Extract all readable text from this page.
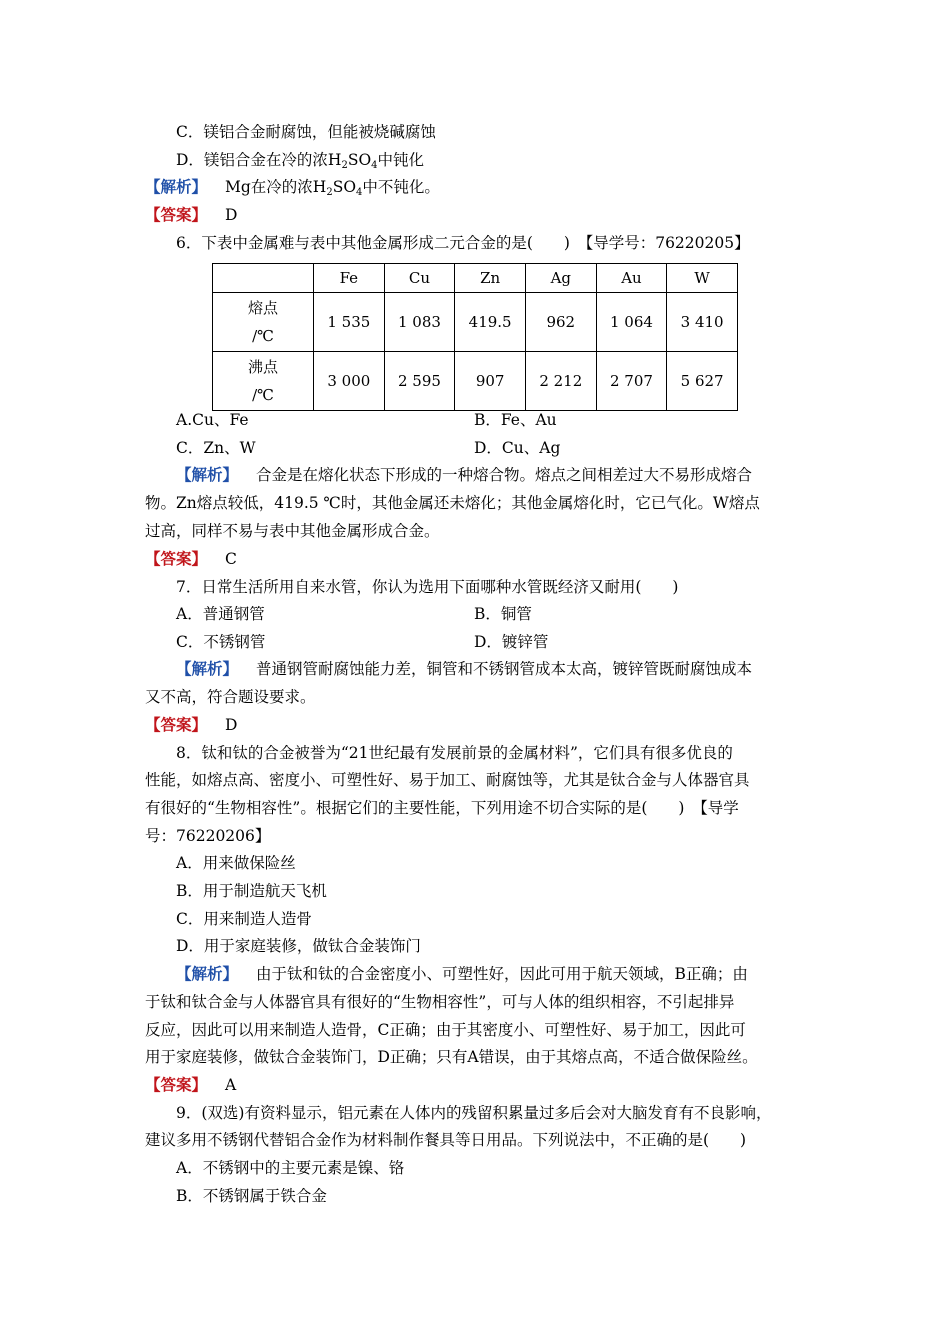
C．镁铝合金耐腐蚀，但能被烧碱腐蚀
D．镁铝合金在冷的浓$H_2SO_4$中钝化
【解析】 Mg在冷的浓$H_2SO_4$中不钝化。
【答案】 D
6．下表中金属难与表中其他金属形成二元合金的是(　　)　【导学号：76220205】
	Fe	Cu	Zn	Ag	Au	W

熔点
/℃	1 535	1 083	419.5	962	1 064	3 410

沸点
/℃	3 000	2 595	907	2 212	2 707	5 627
A.Cu、Fe	B．Fe、Au
C．Zn、W	D．Cu、Ag
【解析】 合金是在熔化状态下形成的一种熔合物。熔点之间相差过大不易形成熔合
物。Zn熔点较低，419.5 ℃时，其他金属还未熔化；其他金属熔化时，它已气化。W熔点
过高，同样不易与表中其他金属形成合金。
【答案】 C
7．日常生活所用自来水管，你认为选用下面哪种水管既经济又耐用(　　)
A．普通钢管	B．铜管
C．不锈钢管	D．镀锌管
【解析】 普通钢管耐腐蚀能力差，铜管和不锈钢管成本太高，镀锌管既耐腐蚀成本
又不高，符合题设要求。
【答案】 D
8．钛和钛的合金被誉为“21世纪最有发展前景的金属材料”，它们具有很多优良的
性能，如熔点高、密度小、可塑性好、易于加工、耐腐蚀等，尤其是钛合金与人体器官具
有很好的“生物相容性”。根据它们的主要性能，下列用途不切合实际的是(　　)　【导学
号：76220206】
A．用来做保险丝
B．用于制造航天飞机
C．用来制造人造骨
D．用于家庭装修，做钛合金装饰门
【解析】 由于钛和钛的合金密度小、可塑性好，因此可用于航天领域，B正确；由
于钛和钛合金与人体器官具有很好的“生物相容性”，可与人体的组织相容，不引起排异
反应，因此可以用来制造人造骨，C正确；由于其密度小、可塑性好、易于加工，因此可
用于家庭装修，做钛合金装饰门，D正确；只有A错误，由于其熔点高，不适合做保险丝。
【答案】 A
9．(双选)有资料显示，铝元素在人体内的残留积累量过多后会对大脑发育有不良影响，
建议多用不锈钢代替铝合金作为材料制作餐具等日用品。下列说法中，不正确的是(　　)
A．不锈钢中的主要元素是镍、铬
B．不锈钢属于铁合金
